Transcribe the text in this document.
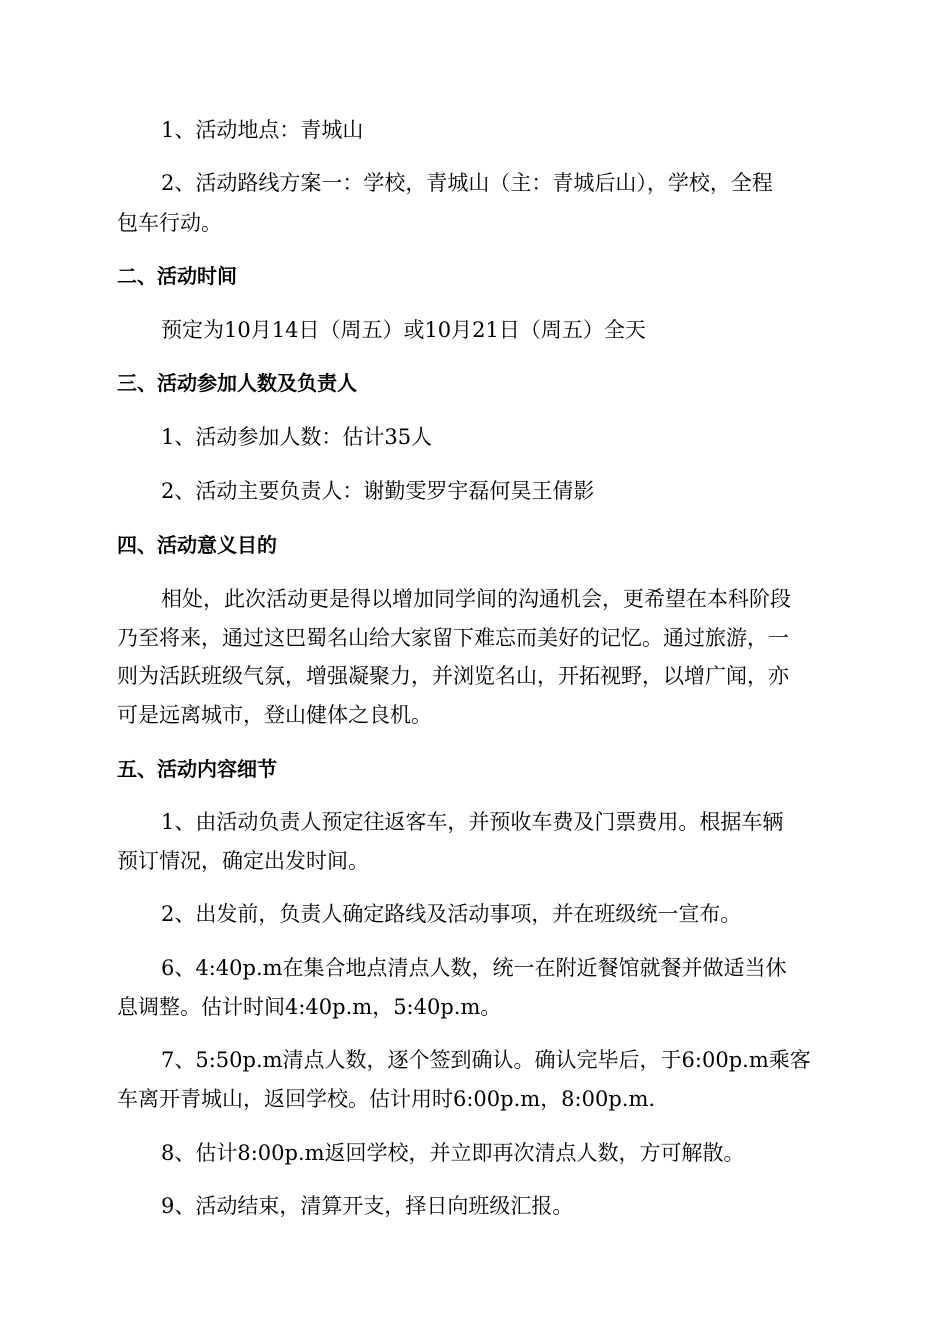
1、活动地点：青城山
2、活动路线方案一：学校，青城山（主：青城后山），学校，全程
包车行动。
二、活动时间
预定为10月14日（周五）或10月21日（周五）全天
三、活动参加人数及负责人
1、活动参加人数：估计35人
2、活动主要负责人：谢勤雯罗宇磊何昊王倩影
四、活动意义目的
相处，此次活动更是得以增加同学间的沟通机会，更希望在本科阶段
乃至将来，通过这巴蜀名山给大家留下难忘而美好的记忆。通过旅游，一
则为活跃班级气氛，增强凝聚力，并浏览名山，开拓视野，以增广闻，亦
可是远离城市，登山健体之良机。
五、活动内容细节
1、由活动负责人预定往返客车，并预收车费及门票费用。根据车辆
预订情况，确定出发时间。
2、出发前，负责人确定路线及活动事项，并在班级统一宣布。
6、4:40p.m在集合地点清点人数，统一在附近餐馆就餐并做适当休
息调整。估计时间4:40p.m，5:40p.m。
7、5:50p.m清点人数，逐个签到确认。确认完毕后，于6:00p.m乘客
车离开青城山，返回学校。估计用时6:00p.m，8:00p.m.
8、估计8:00p.m返回学校，并立即再次清点人数，方可解散。
9、活动结束，清算开支，择日向班级汇报。
